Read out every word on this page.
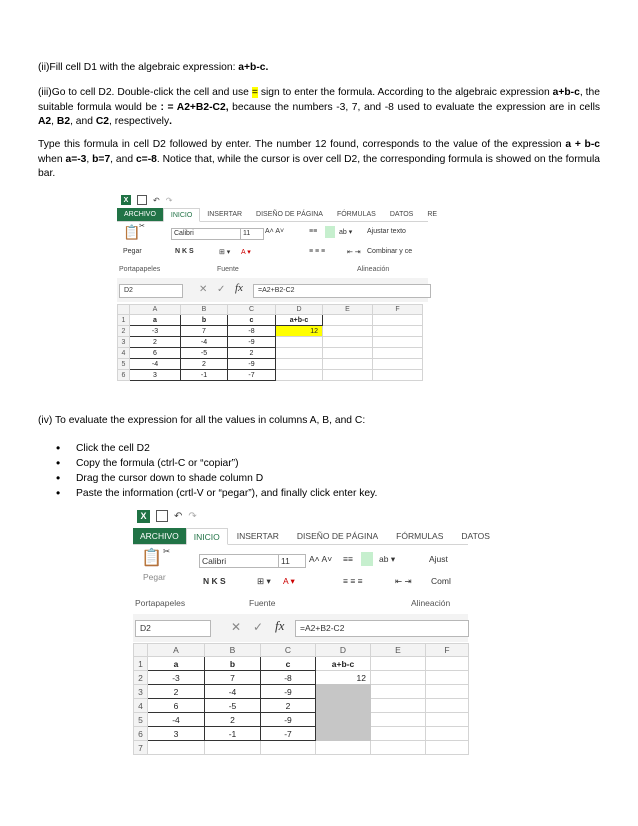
(ii)Fill cell D1 with the algebraic expression: a+b-c.
(iii)Go to cell D2. Double-click the cell and use = sign to enter the formula. According to the algebraic expression a+b-c, the suitable formula would be : = A2+B2-C2, because the numbers -3, 7, and -8 used to evaluate the expression are in cells A2, B2, and C2, respectively.
Type this formula in cell D2 followed by enter. The number 12 found, corresponds to the value of the expression a + b-c when a=-3, b=7, and c=-8. Notice that, while the cursor is over cell D2, the corresponding formula is showed on the formula bar.
X	↶ ↷
ARCHIVO	INICIO	INSERTAR	DISEÑO DE PÁGINA	FÓRMULAS	DATOS	RE
📋
✂
Pegar
Calibri	11	A˄ A˅
N K S	⊞ ▾ A ▾
≡≡	ab ▾ Ajustar texto
≡ ≡ ≡	⇤ ⇥ Combinar y ce
Portapapeles	Fuente	Alineación
D2	✕ ✓ fx	=A2+B2-C2
	A	B	C	D	E	F
1	a	b	c	a+b-c		
2	-3	7	-8	12		
3	2	-4	-9			
4	6	-5	2			
5	-4	2	-9			
6	3	-1	-7			
(iv) To evaluate the expression for all the values in columns A, B, and C:
• Click the cell D2
• Copy the formula (ctrl-C or “copiar”)
• Drag the cursor down to shade column D
• Paste the information (crtl-V or “pegar”), and finally click enter key.
X	↶ ↷
ARCHIVO	INICIO	INSERTAR	DISEÑO DE PÁGINA	FÓRMULAS	DATOS
📋 ✂
Pegar
Calibri	11	A˄ A˅
N K S	⊞ ▾ A ▾
≡≡	ab ▾	Ajust
≡ ≡ ≡	⇤ ⇥ Coml
Portapapeles	Fuente	Alineación
D2	✕ ✓ fx	=A2+B2-C2
	A	B	C	D	E	F
1	a	b	c	a+b-c		
2	-3	7	-8	12		
3	2	-4	-9			
4	6	-5	2			
5	-4	2	-9			
6	3	-1	-7			
7						
